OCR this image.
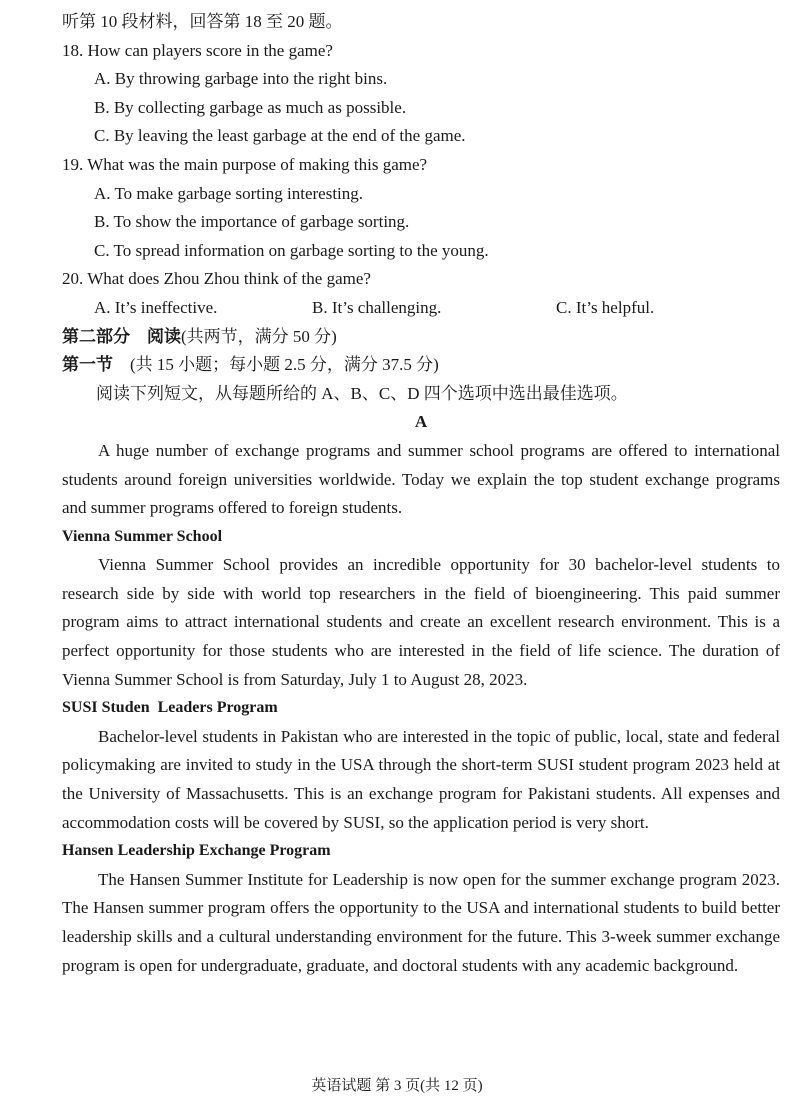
听第 10 段材料，回答第 18 至 20 题。
18. How can players score in the game?
A. By throwing garbage into the right bins.
B. By collecting garbage as much as possible.
C. By leaving the least garbage at the end of the game.
19. What was the main purpose of making this game?
A. To make garbage sorting interesting.
B. To show the importance of garbage sorting.
C. To spread information on garbage sorting to the young.
20. What does Zhou Zhou think of the game?
A. It’s ineffective.	B. It’s challenging.	C. It’s helpful.
第二部分　阅读(共两节，满分 50 分)
第一节　(共 15 小题；每小题 2.5 分，满分 37.5 分)
阅读下列短文，从每题所给的 A、B、C、D 四个选项中选出最佳选项。
A
A huge number of exchange programs and summer school programs are offered to international students around foreign universities worldwide. Today we explain the top student exchange programs and summer programs offered to foreign students.
Vienna Summer School
Vienna Summer School provides an incredible opportunity for 30 bachelor-level students to research side by side with world top researchers in the field of bioengineering. This paid summer program aims to attract international students and create an excellent research environment. This is a perfect opportunity for those students who are interested in the field of life science. The duration of Vienna Summer School is from Saturday, July 1 to August 28, 2023.
SUSI Studen  Leaders Program
Bachelor-level students in Pakistan who are interested in the topic of public, local, state and federal policymaking are invited to study in the USA through the short-term SUSI student program 2023 held at the University of Massachusetts. This is an exchange program for Pakistani students. All expenses and accommodation costs will be covered by SUSI, so the application period is very short.
Hansen Leadership Exchange Program
The Hansen Summer Institute for Leadership is now open for the summer exchange program 2023. The Hansen summer program offers the opportunity to the USA and international students to build better leadership skills and a cultural understanding environment for the future. This 3-week summer exchange program is open for undergraduate, graduate, and doctoral students with any academic background.
英语试题 第 3 页(共 12 页)
